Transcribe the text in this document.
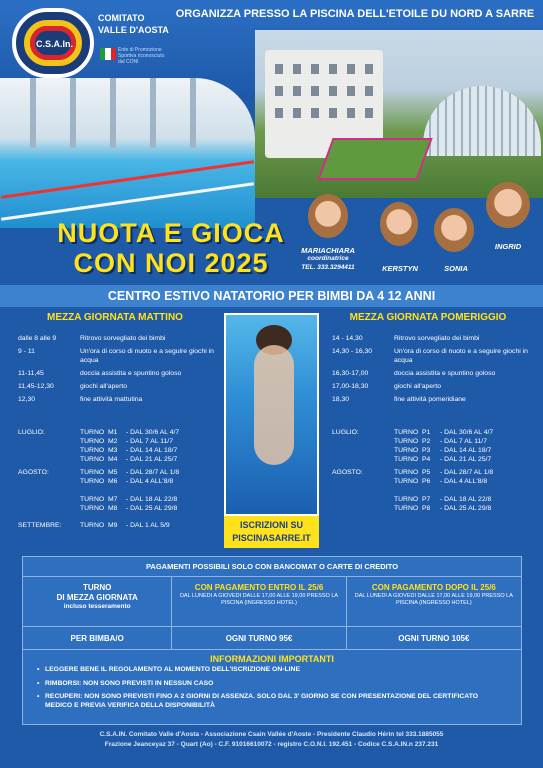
C.S.A.In.
COMITATO
VALLE D'AOSTA
Ente di Promozione Sportiva riconosciuto dal CONI
ORGANIZZA PRESSO LA PISCINA DELL'ETOILE DU NORD A SARRE
MARIACHIARA
coordinatrice
TEL. 333.3294411	KERSTYN	SONIA
INGRID
NUOTA E GIOCA
CON NOI 2025
CENTRO ESTIVO NATATORIO PER BIMBI DA 4 12 ANNI
MEZZA GIORNATA MATTINO
dalle 8 alle 9	Ritrovo sorvegliato dei bimbi
9 - 11	Un'ora di corso di nuoto e a seguire giochi in acqua
11-11,45	doccia assistita e spuntino goloso
11,45-12,30	giochi all'aperto
12,30	fine attività mattutina
LUGLIO:	TURNO M1	- DAL 30/6 AL 4/7
TURNO M2	- DAL 7 AL 11/7
TURNO M3	- DAL 14 AL 18/7
TURNO M4	- DAL 21 AL 25/7
AGOSTO:	TURNO M5	- DAL 28/7 AL 1/8
TURNO M6	- DAL 4 ALL'8/8
TURNO M7	- DAL 18 AL 22/8
TURNO M8	- DAL 25 AL 29/8
SETTEMBRE:	TURNO M9	- DAL 1 AL 5/9	ISCRIZIONI SU
PISCINASARRE.IT
MEZZA GIORNATA POMERIGGIO
14 - 14,30	Ritrovo sorvegliato dei bimbi
14,30 - 16,30	Un'ora di corso di nuoto e a seguire giochi in acqua
16,30-17,00	doccia assistita e spuntino goloso
17,00-18,30	giochi all'aperto
18,30	fine attività pomeridiane
LUGLIO:	TURNO P1	- DAL 30/6 AL 4/7
TURNO P2	- DAL 7 AL 11/7
TURNO P3	- DAL 14 AL 18/7
TURNO P4	- DAL 21 AL 25/7
AGOSTO:	TURNO P5	- DAL 28/7 AL 1/8
TURNO P6	- DAL 4 ALL'8/8
TURNO P7	- DAL 18 AL 22/8
TURNO P8	- DAL 25 AL 29/8
PAGAMENTI POSSIBILI SOLO CON BANCOMAT O CARTE DI CREDITO
TURNO
DI MEZZA GIORNATA
incluso tesseramento
CON PAGAMENTO ENTRO IL 25/6
DAL LUNEDI A GIOVEDI DALLE 17,00 ALLE 19,00 PRESSO LA PISCINA (INGRESSO HOTEL)
CON PAGAMENTO DOPO IL 25/6
DAL LUNEDI A GIOVEDI DALLE 17,00 ALLE 19,00 PRESSO LA PISCINA (INGRESSO HOTEL)
PER BIMBA/O	OGNI TURNO 95€	OGNI TURNO 105€
INFORMAZIONI IMPORTANTI
• LEGGERE BENE IL REGOLAMENTO AL MOMENTO DELL'ISCRIZIONE ON-LINE
• RIMBORSI: NON SONO PREVISTI IN NESSUN CASO
• RECUPERI: NON SONO PREVISTI FINO A 2 GIORNI DI ASSENZA. SOLO DAL 3' GIORNO SE CON PRESENTAZIONE DEL CERTIFICATO MEDICO E PREVIA VERIFICA DELLA DISPONIBILITÀ
C.S.A.IN. Comitato Valle d'Aosta - Associazione Csain Vallée d'Aoste - Presidente Claudio Hérin tel 333.1885055
Frazione Jeanceyaz 37 - Quart (Ao) - C.F. 91016610072 - registro C.O.N.I. 192.451 - Codice C.S.A.IN.n 237.231
